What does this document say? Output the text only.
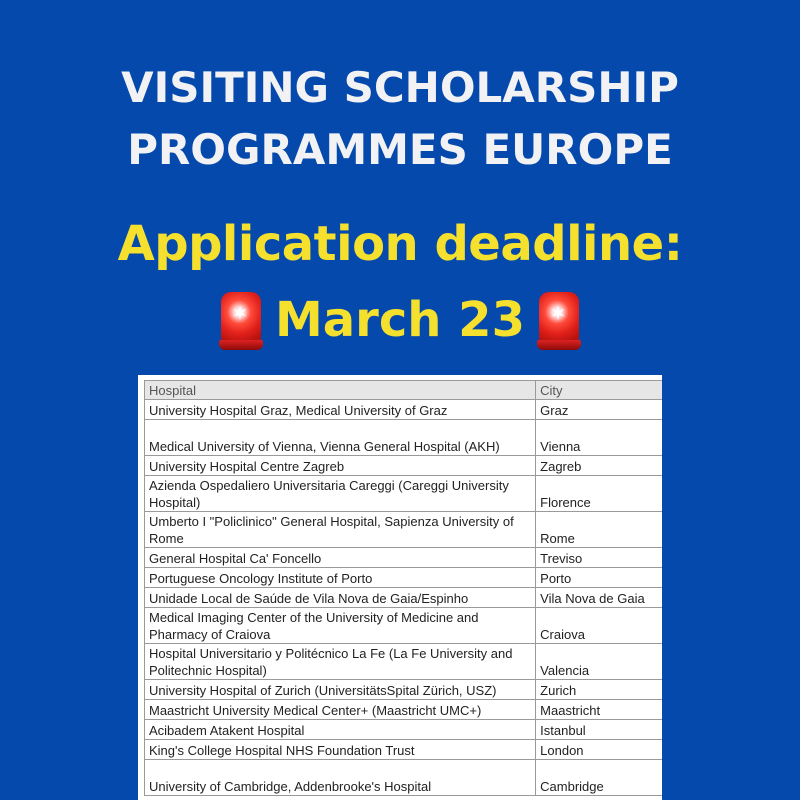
VISITING SCHOLARSHIP
PROGRAMMES EUROPE
Application deadline:
✶ March 23 ✶
Hospital	City
University Hospital Graz, Medical University of Graz	Graz
Medical University of Vienna, Vienna General Hospital (AKH)	Vienna
University Hospital Centre Zagreb	Zagreb
Azienda Ospedaliero Universitaria Careggi (Careggi University Hospital)	Florence
Umberto I "Policlinico" General Hospital, Sapienza University of Rome	Rome
General Hospital Ca' Foncello	Treviso
Portuguese Oncology Institute of Porto	Porto
Unidade Local de Saúde de Vila Nova de Gaia/Espinho	Vila Nova de Gaia
Medical Imaging Center of the University of Medicine and Pharmacy of Craiova	Craiova
Hospital Universitario y Politécnico La Fe (La Fe University and Politechnic Hospital)	Valencia
University Hospital of Zurich (UniversitätsSpital Zürich, USZ)	Zurich
Maastricht University Medical Center+ (Maastricht UMC+)	Maastricht
Acibadem Atakent Hospital	Istanbul
King's College Hospital NHS Foundation Trust	London
University of Cambridge, Addenbrooke's Hospital	Cambridge
